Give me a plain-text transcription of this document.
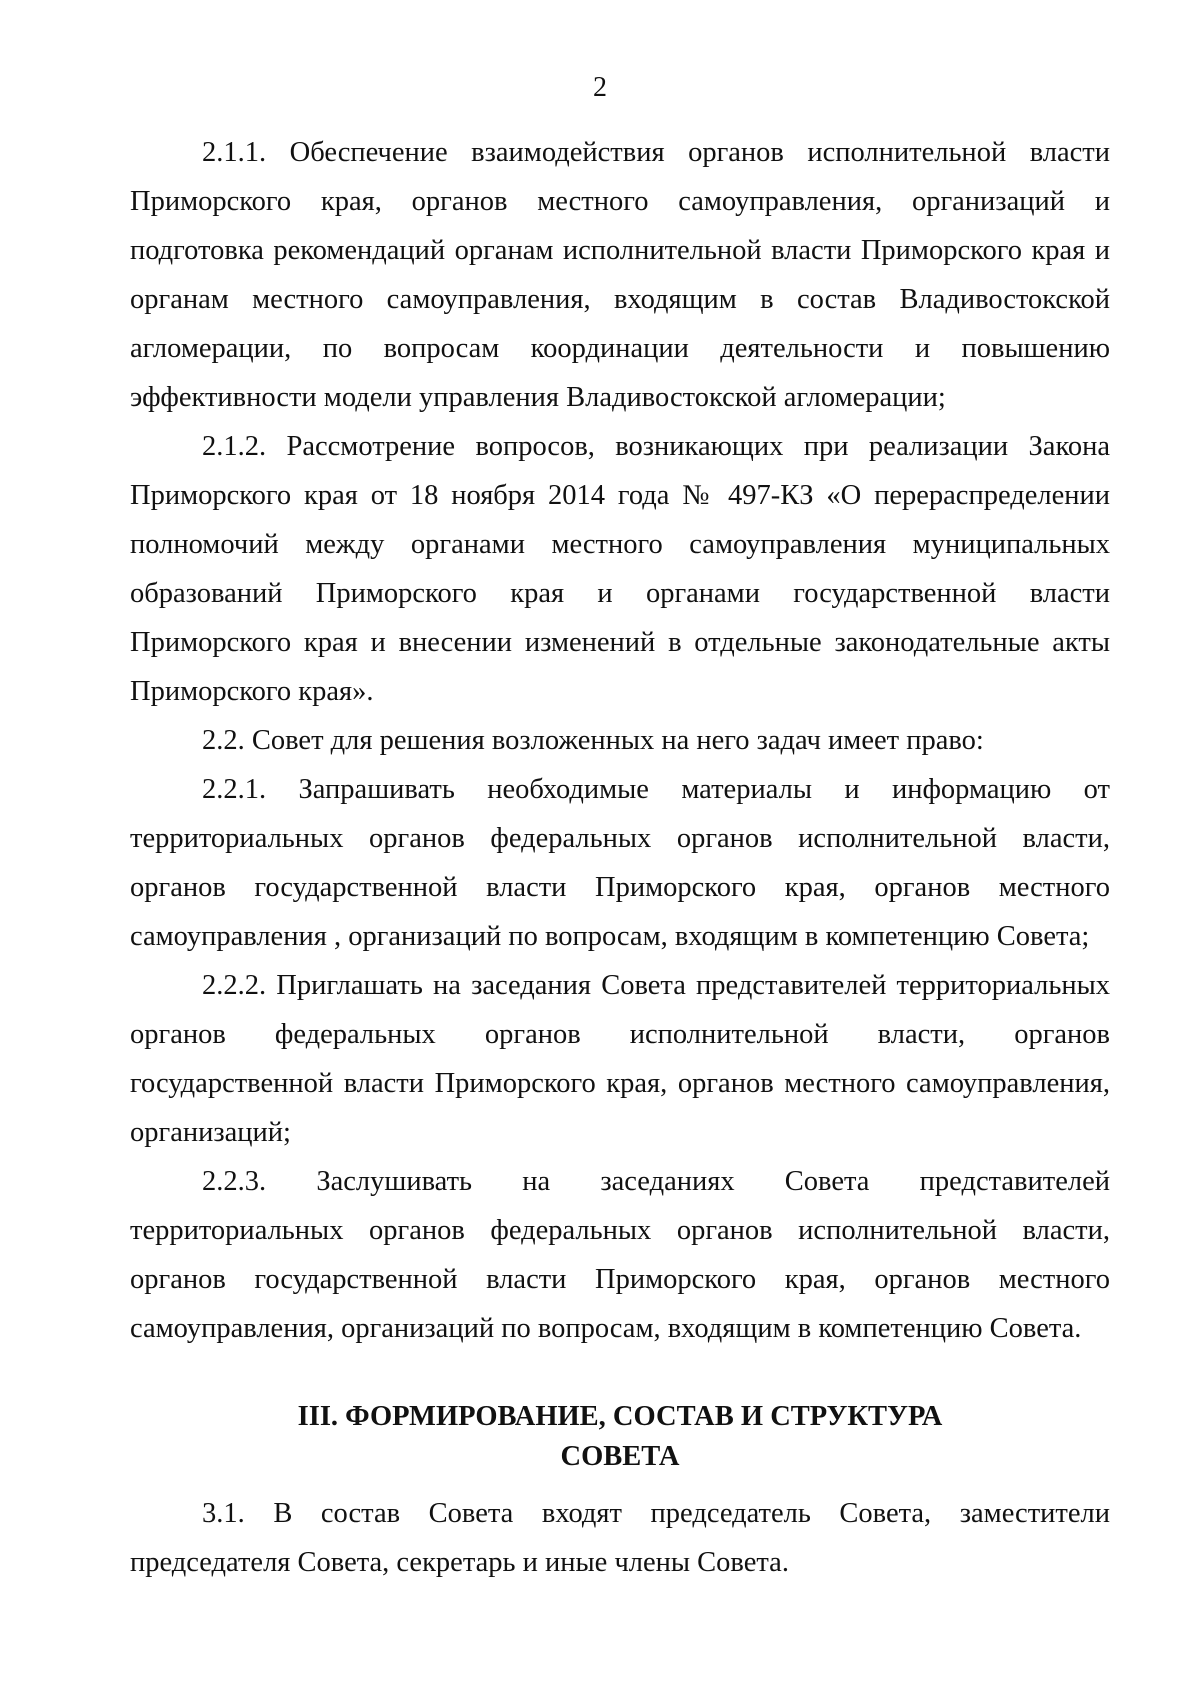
2

2.1.1. Обеспечение взаимодействия органов исполнительной власти Приморского края, органов местного самоуправления, организаций и подготовка рекомендаций органам исполнительной власти Приморского края и органам местного самоуправления, входящим в состав Владивостокской агломерации, по вопросам координации деятельности и повышению эффективности модели управления Владивостокской агломерации;

2.1.2. Рассмотрение вопросов, возникающих при реализации Закона Приморского края от 18 ноября 2014 года № 497-КЗ «О перераспределении полномочий между органами местного самоуправления муниципальных образований Приморского края и органами государственной власти Приморского края и внесении изменений в отдельные законодательные акты Приморского края».

2.2. Совет для решения возложенных на него задач имеет право:

2.2.1. Запрашивать необходимые материалы и информацию от территориальных органов федеральных органов исполнительной власти, органов государственной власти Приморского края, органов местного самоуправления , организаций по вопросам, входящим в компетенцию Совета;

2.2.2. Приглашать на заседания Совета представителей территориальных органов федеральных органов исполнительной власти, органов государственной власти Приморского края, органов местного самоуправления, организаций;

2.2.3. Заслушивать на заседаниях Совета представителей территориальных органов федеральных органов исполнительной власти, органов государственной власти Приморского края, органов местного самоуправления, организаций по вопросам, входящим в компетенцию Совета.

III. ФОРМИРОВАНИЕ, СОСТАВ И СТРУКТУРА
СОВЕТА

3.1. В состав Совета входят председатель Совета, заместители председателя Совета, секретарь и иные члены Совета.
